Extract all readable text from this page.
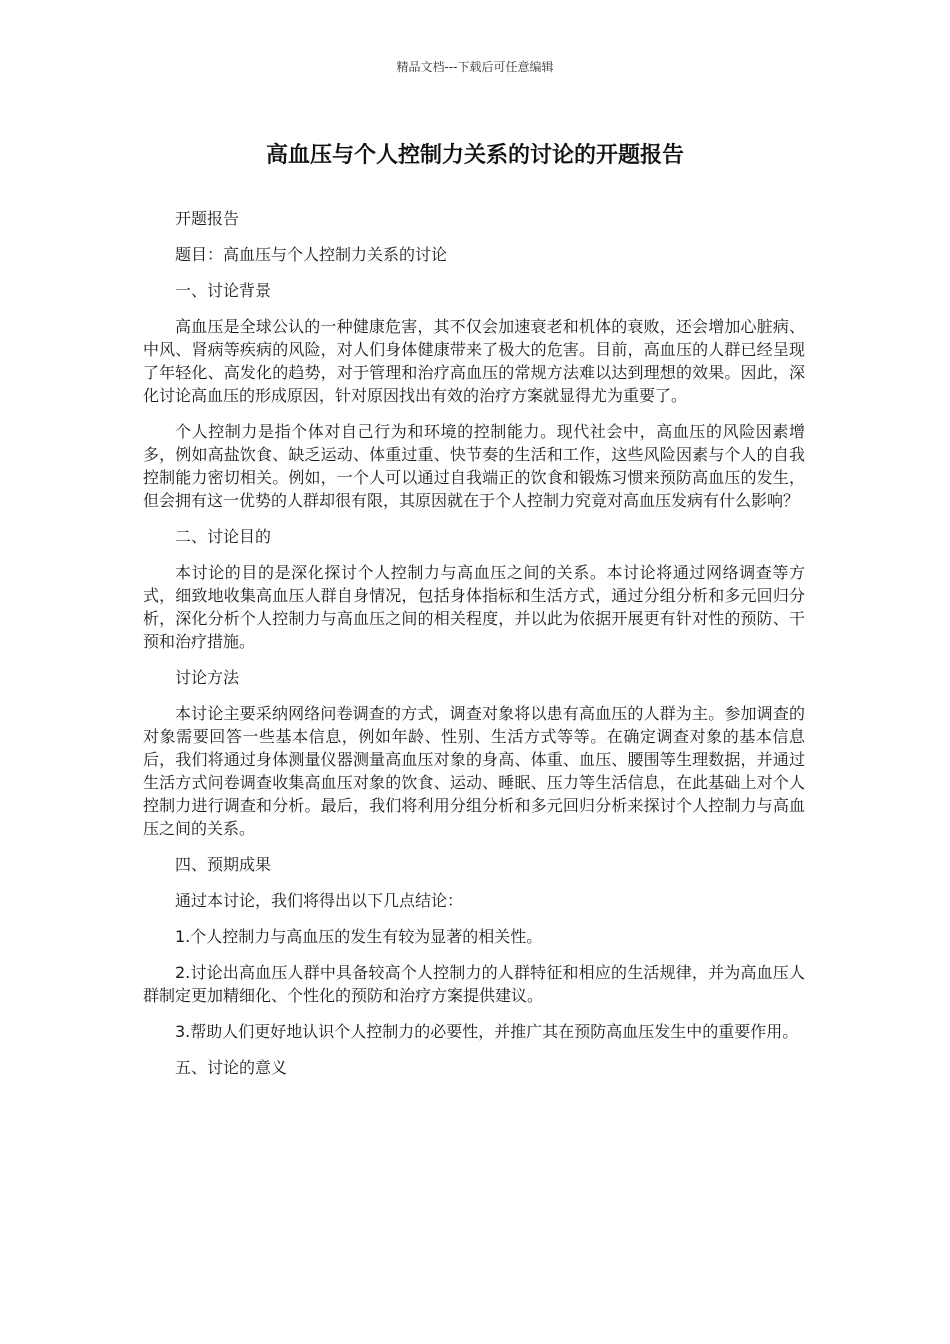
精品文档---下载后可任意编辑
高血压与个人控制力关系的讨论的开题报告

开题报告

题目：高血压与个人控制力关系的讨论

一、讨论背景

高血压是全球公认的一种健康危害，其不仅会加速衰老和机体的衰败，还会增加心脏病、中风、肾病等疾病的风险，对人们身体健康带来了极大的危害。目前，高血压的人群已经呈现了年轻化、高发化的趋势，对于管理和治疗高血压的常规方法难以达到理想的效果。因此，深化讨论高血压的形成原因，针对原因找出有效的治疗方案就显得尤为重要了。

个人控制力是指个体对自己行为和环境的控制能力。现代社会中，高血压的风险因素增多，例如高盐饮食、缺乏运动、体重过重、快节奏的生活和工作，这些风险因素与个人的自我控制能力密切相关。例如，一个人可以通过自我端正的饮食和锻炼习惯来预防高血压的发生，但会拥有这一优势的人群却很有限，其原因就在于个人控制力究竟对高血压发病有什么影响？

二、讨论目的

本讨论的目的是深化探讨个人控制力与高血压之间的关系。本讨论将通过网络调查等方式，细致地收集高血压人群自身情况，包括身体指标和生活方式，通过分组分析和多元回归分析，深化分析个人控制力与高血压之间的相关程度，并以此为依据开展更有针对性的预防、干预和治疗措施。

讨论方法

本讨论主要采纳网络问卷调查的方式，调查对象将以患有高血压的人群为主。参加调查的对象需要回答一些基本信息，例如年龄、性别、生活方式等等。在确定调查对象的基本信息后，我们将通过身体测量仪器测量高血压对象的身高、体重、血压、腰围等生理数据，并通过生活方式问卷调查收集高血压对象的饮食、运动、睡眠、压力等生活信息，在此基础上对个人控制力进行调查和分析。最后，我们将利用分组分析和多元回归分析来探讨个人控制力与高血压之间的关系。

四、预期成果

通过本讨论，我们将得出以下几点结论：

1.个人控制力与高血压的发生有较为显著的相关性。

2.讨论出高血压人群中具备较高个人控制力的人群特征和相应的生活规律，并为高血压人群制定更加精细化、个性化的预防和治疗方案提供建议。

3.帮助人们更好地认识个人控制力的必要性，并推广其在预防高血压发生中的重要作用。

五、讨论的意义
